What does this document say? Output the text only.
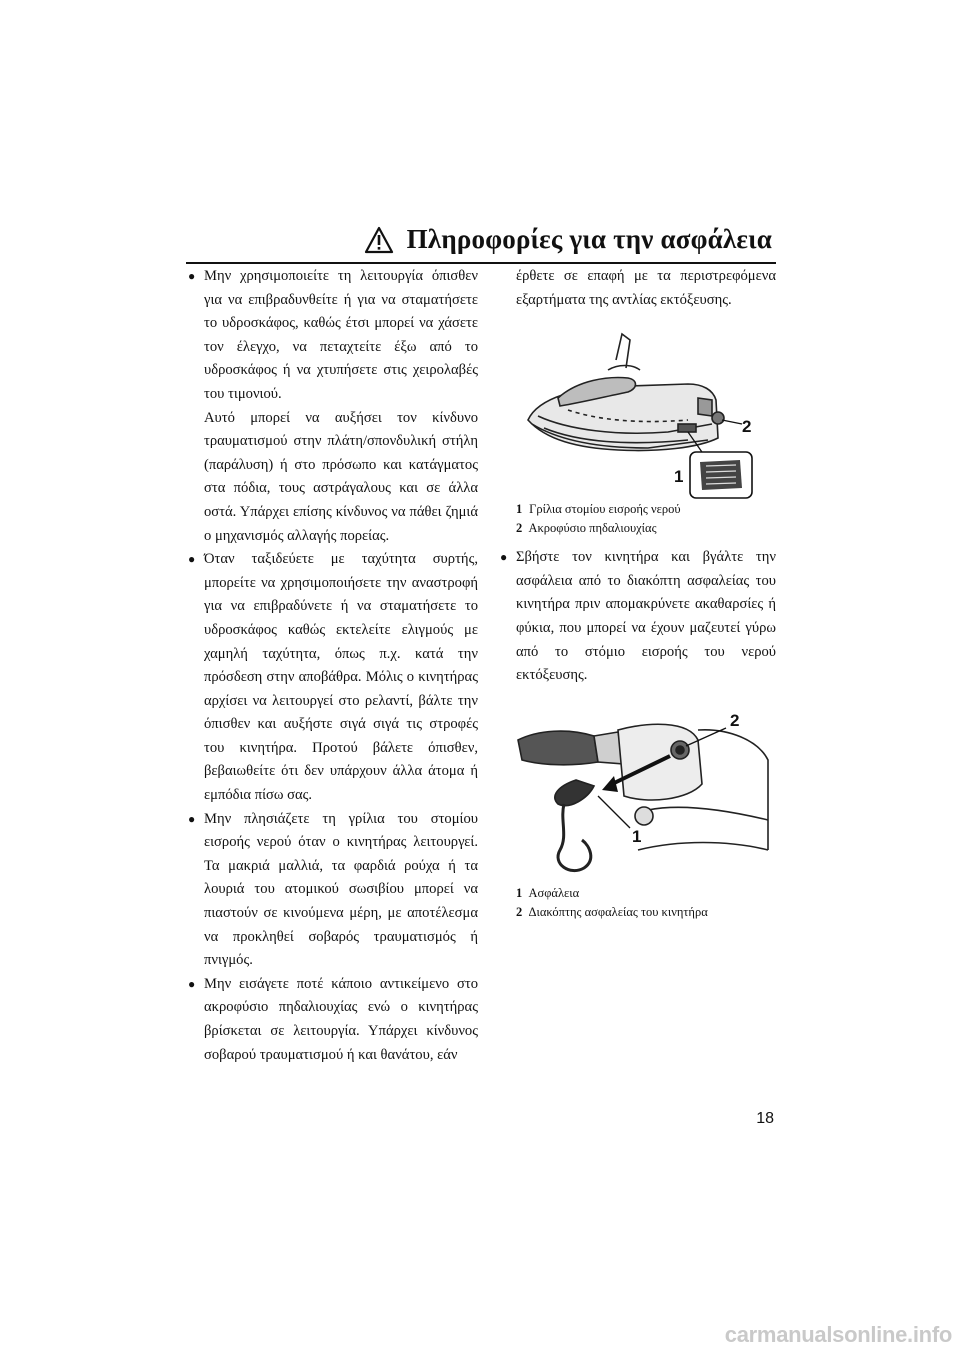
Πληροφορίες για την ασφάλεια
● Μην χρησιμοποιείτε τη λειτουργία όπισθεν για να επιβραδυνθείτε ή για να σταματήσετε το υδροσκάφος, καθώς έτσι μπορεί να χάσετε τον έλεγχο, να πεταχτείτε έξω από το υδροσκάφος ή να χτυπήσετε στις χειρολαβές του τιμονιού.

Αυτό μπορεί να αυξήσει τον κίνδυνο τραυματισμού στην πλάτη/σπονδυλική στήλη (παράλυση) ή στο πρόσωπο και κατάγματος στα πόδια, τους αστράγαλους και σε άλλα οστά. Υπάρχει επίσης κίνδυνος να πάθει ζημιά ο μηχανισμός αλλαγής πορείας.

● Όταν ταξιδεύετε με ταχύτητα συρτής, μπορείτε να χρησιμοποιήσετε την αναστροφή για να επιβραδύνετε ή να σταματήσετε το υδροσκάφος καθώς εκτελείτε ελιγμούς με χαμηλή ταχύτητα, όπως π.χ. κατά την πρόσδεση στην αποβάθρα. Μόλις ο κινητήρας αρχίσει να λειτουργεί στο ρελαντί, βάλτε την όπισθεν και αυξήστε σιγά σιγά τις στροφές του κινητήρα. Προτού βάλετε όπισθεν, βεβαιωθείτε ότι δεν υπάρχουν άλλα άτομα ή εμπόδια πίσω σας.

● Μην πλησιάζετε τη γρίλια του στομίου εισροής νερού όταν ο κινητήρας λειτουργεί. Τα μακριά μαλλιά, τα φαρδιά ρούχα ή τα λουριά του ατομικού σωσιβίου μπορεί να πιαστούν σε κινούμενα μέρη, με αποτέλεσμα να προκληθεί σοβαρός τραυματισμός ή πνιγμός.

● Μην εισάγετε ποτέ κάποιο αντικείμενο στο ακροφύσιο πηδαλιουχίας ενώ ο κινητήρας βρίσκεται σε λειτουργία. Υπάρχει κίνδυνος σοβαρού τραυματισμού ή και θανάτου, εάν

έρθετε σε επαφή με τα περιστρεφόμενα εξαρτήματα της αντλίας εκτόξευσης.

2
1
1 Γρίλια στομίου εισροής νερού
2 Ακροφύσιο πηδαλιουχίας
● Σβήστε τον κινητήρα και βγάλτε την ασφάλεια από το διακόπτη ασφαλείας του κινητήρα πριν απομακρύνετε ακαθαρσίες ή φύκια, που μπορεί να έχουν μαζευτεί γύρω από το στόμιο εισροής του νερού εκτόξευσης.

2
1
1 Ασφάλεια
2 Διακόπτης ασφαλείας του κινητήρα
18
carmanualsonline.info
